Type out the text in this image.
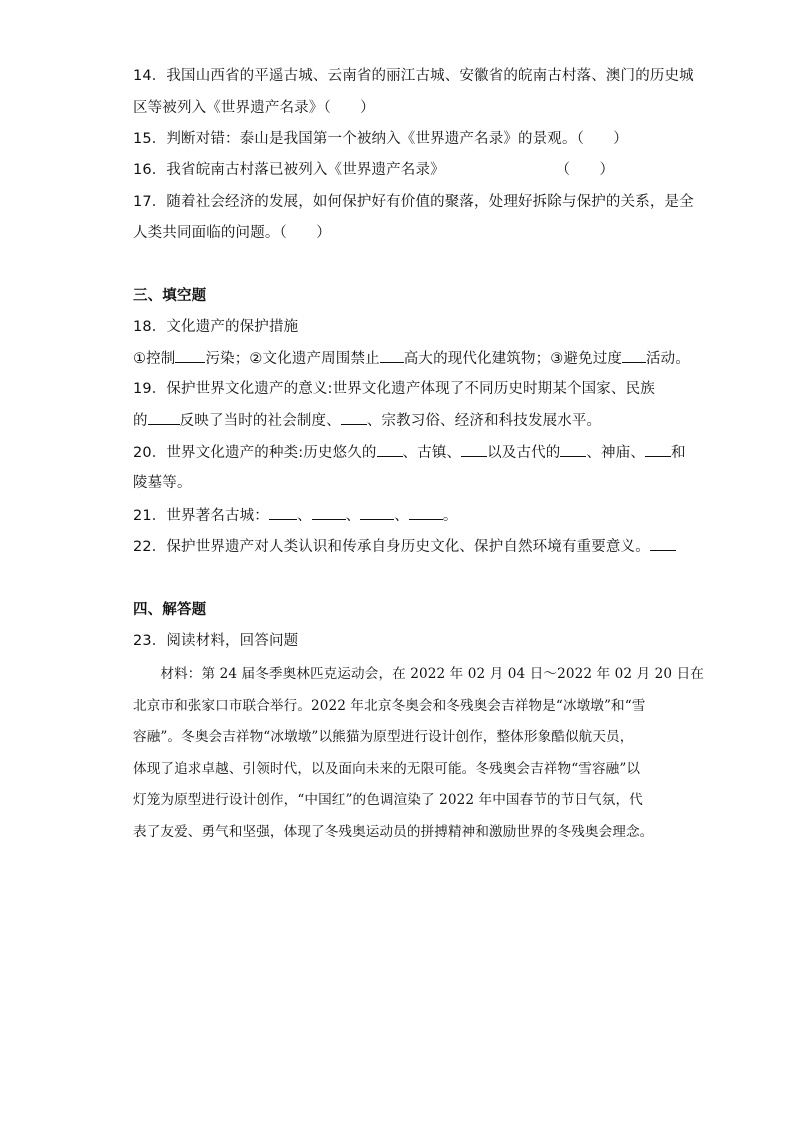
14．我国山西省的平遥古城、云南省的丽江古城、安徽省的皖南古村落、澳门的历史城
区等被列入《世界遗产名录》（　　）
15．判断对错：泰山是我国第一个被纳入《世界遗产名录》的景观。（　　）
16．我省皖南古村落已被列入《世界遗产名录》	（　　）
17．随着社会经济的发展，如何保护好有价值的聚落，处理好拆除与保护的关系，是全
人类共同面临的问题。（　　）
三、填空题
18．文化遗产的保护措施
①控制 污染；②文化遗产周围禁止 高大的现代化建筑物；③避免过度 活动。
19．保护世界文化遗产的意义:世界文化遗产体现了不同历史时期某个国家、民族
的 反映了当时的社会制度、 、宗教习俗、经济和科技发展水平。
20．世界文化遗产的种类:历史悠久的 、古镇、 以及古代的 、神庙、 和
陵墓等。
21．世界著名古城： 、 、 、 。
22．保护世界遗产对人类认识和传承自身历史文化、保护自然环境有重要意义。
四、解答题
23．阅读材料，回答问题
　　材料：第 24 届冬季奥林匹克运动会，在 2022 年 02 月 04 日～2022 年 02 月 20 日在
北京市和张家口市联合举行。2022 年北京冬奥会和冬残奥会吉祥物是“冰墩墩”和“雪
容融”。冬奥会吉祥物“冰墩墩”以熊猫为原型进行设计创作，整体形象酷似航天员，
体现了追求卓越、引领时代，以及面向未来的无限可能。冬残奥会吉祥物“雪容融”以
灯笼为原型进行设计创作，“中国红”的色调渲染了 2022 年中国春节的节日气氛，代
表了友爱、勇气和坚强，体现了冬残奥运动员的拼搏精神和激励世界的冬残奥会理念。
